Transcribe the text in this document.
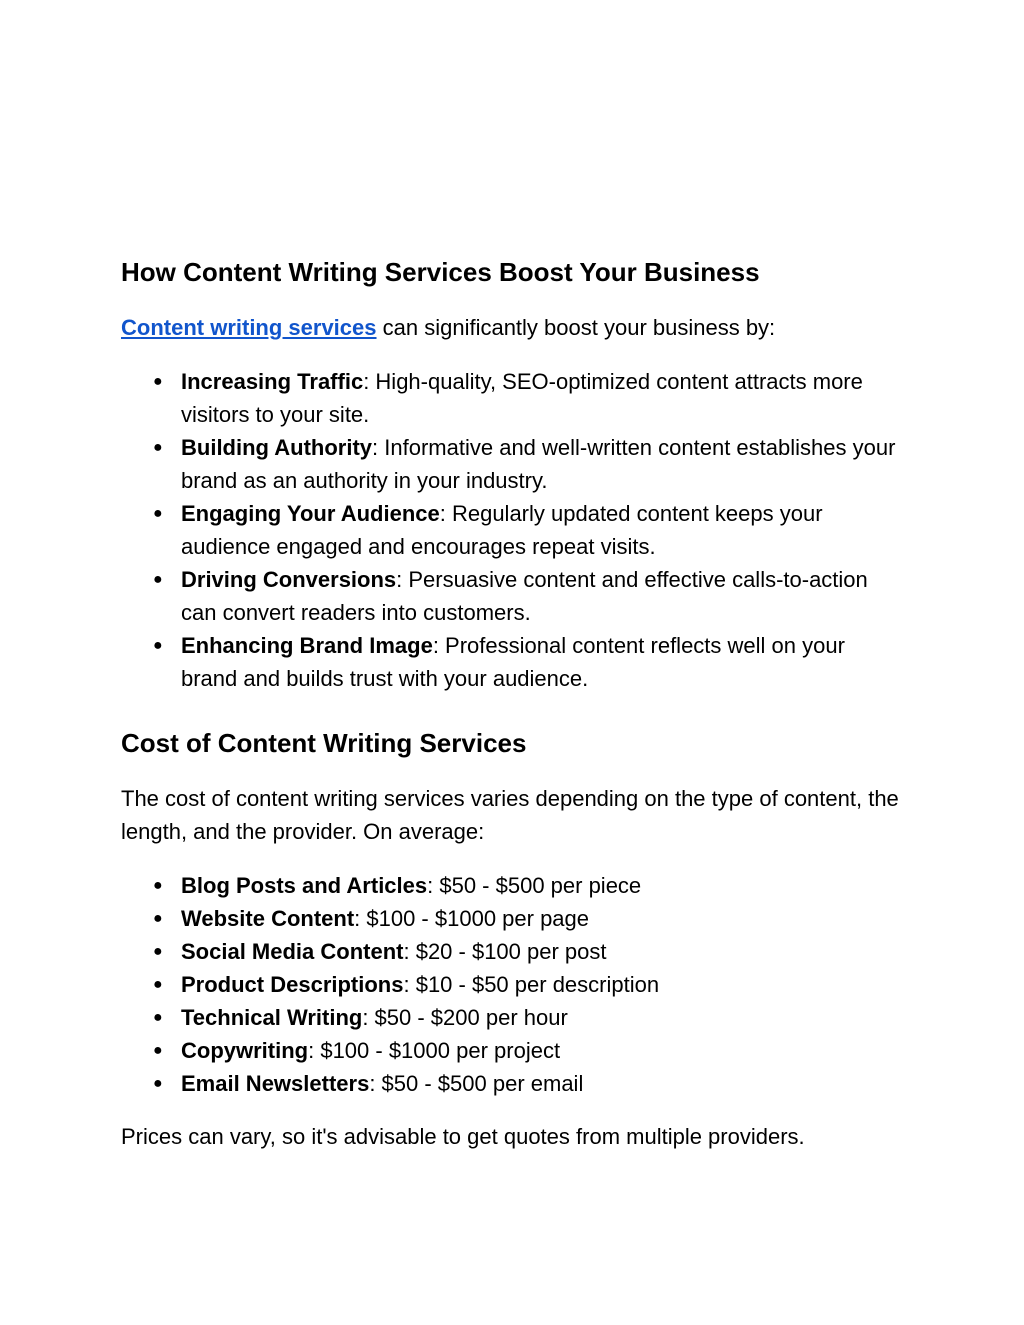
How Content Writing Services Boost Your Business

Content writing services can significantly boost your business by:

● Increasing Traffic: High-quality, SEO-optimized content attracts more visitors to your site.
● Building Authority: Informative and well-written content establishes your brand as an authority in your industry.
● Engaging Your Audience: Regularly updated content keeps your audience engaged and encourages repeat visits.
● Driving Conversions: Persuasive content and effective calls-to-action can convert readers into customers.
● Enhancing Brand Image: Professional content reflects well on your brand and builds trust with your audience.
Cost of Content Writing Services

The cost of content writing services varies depending on the type of content, the length, and the provider. On average:

● Blog Posts and Articles: $50 - $500 per piece
● Website Content: $100 - $1000 per page
● Social Media Content: $20 - $100 per post
● Product Descriptions: $10 - $50 per description
● Technical Writing: $50 - $200 per hour
● Copywriting: $100 - $1000 per project
● Email Newsletters: $50 - $500 per email

Prices can vary, so it's advisable to get quotes from multiple providers.
